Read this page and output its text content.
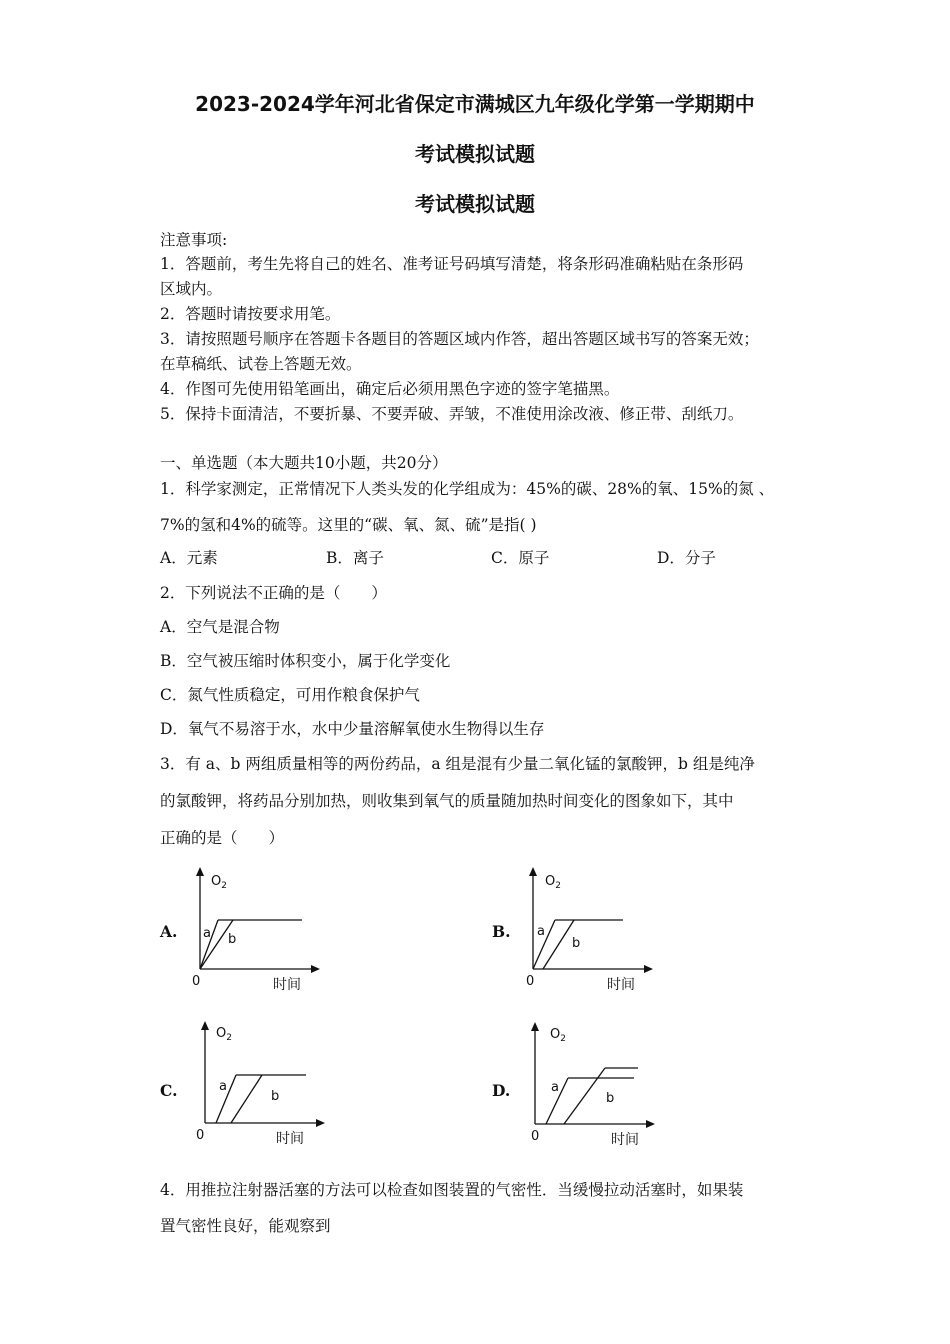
2023-2024学年河北省保定市满城区九年级化学第一学期期中
考试模拟试题
考试模拟试题
注意事项:
1．答题前，考生先将自己的姓名、准考证号码填写清楚，将条形码准确粘贴在条形码
区域内。
2．答题时请按要求用笔。
3．请按照题号顺序在答题卡各题目的答题区域内作答，超出答题区域书写的答案无效；
在草稿纸、试卷上答题无效。
4．作图可先使用铅笔画出，确定后必须用黑色字迹的签字笔描黑。
5．保持卡面清洁，不要折暴、不要弄破、弄皱，不准使用涂改液、修正带、刮纸刀。
一、单选题（本大题共10小题，共20分）
1．科学家测定，正常情况下人类头发的化学组成为：45%的碳、28%的氧、15%的氮 、
7%的氢和4%的硫等。这里的“碳、氧、氮、硫”是指( )
A．元素	B．离子	C．原子	D．分子
2．下列说法不正确的是（　　）
A．空气是混合物
B．空气被压缩时体积变小，属于化学变化
C．氮气性质稳定，可用作粮食保护气
D．氧气不易溶于水，水中少量溶解氧使水生物得以生存
3．有 a、b 两组质量相等的两份药品，a 组是混有少量二氧化锰的氯酸钾，b 组是纯净
的氯酸钾，将药品分别加热，则收集到氧气的质量随加热时间变化的图象如下，其中
正确的是（　　）
A.	B.
C.	D.
$O_2$
a b
0	时间
$O_2$
a
b
0	时间
$O_2$
a
b
0	时间
$O_2$
a
b
0	时间
4．用推拉注射器活塞的方法可以检查如图装置的气密性．当缓慢拉动活塞时，如果装
置气密性良好，能观察到
